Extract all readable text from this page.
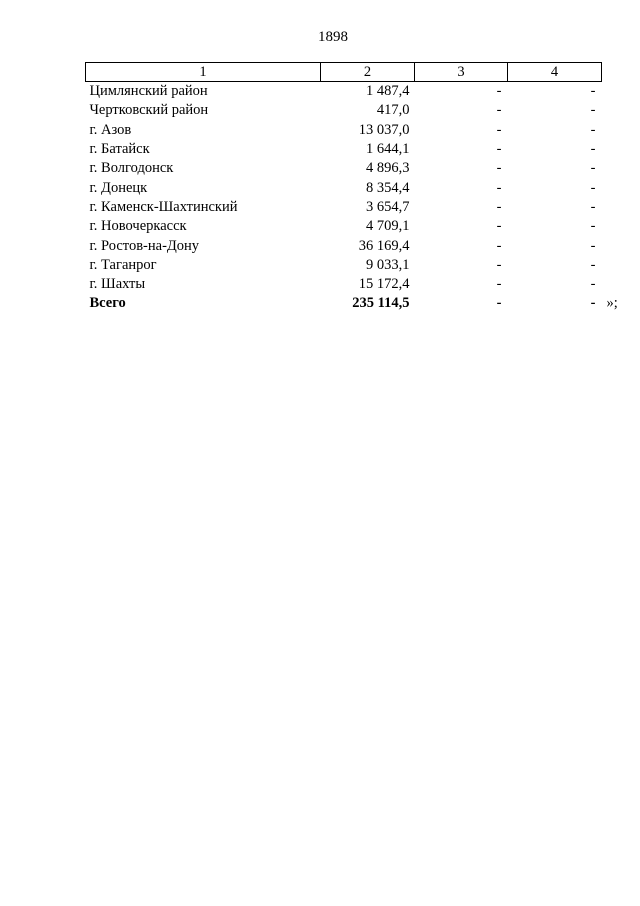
1898
1	2	3	4
Цимлянский район	1 487,4	-	-
Чертковский район	417,0	-	-
г. Азов	13 037,0	-	-
г. Батайск	1 644,1	-	-
г. Волгодонск	4 896,3	-	-
г. Донецк	8 354,4	-	-
г. Каменск-Шахтинский	3 654,7	-	-
г. Новочеркасск	4 709,1	-	-
г. Ростов-на-Дону	36 169,4	-	-
г. Таганрог	9 033,1	-	-
г. Шахты	15 172,4	-	-
Всего	235 114,5	-	- »;
